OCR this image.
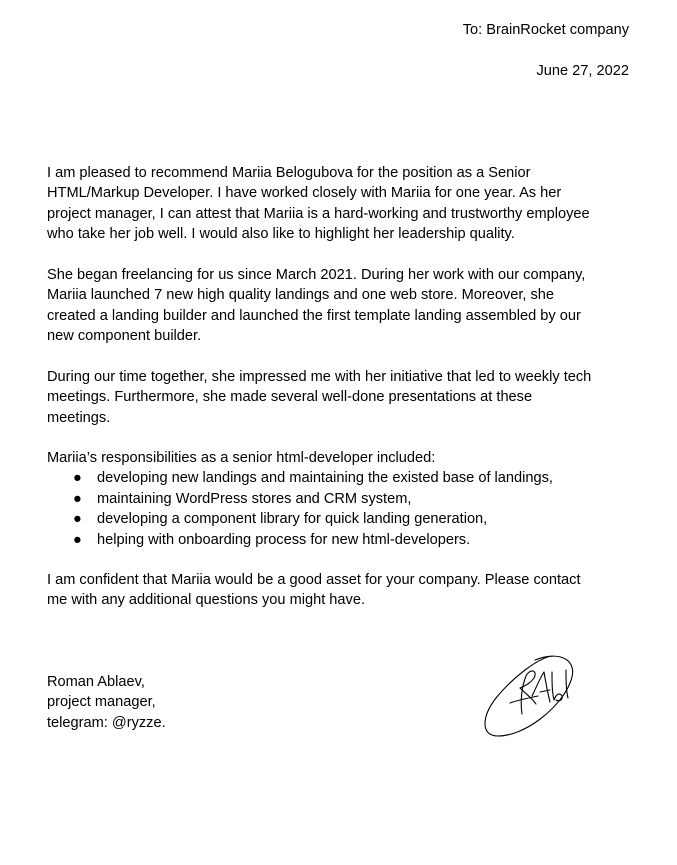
To: BrainRocket company
June 27, 2022

I am pleased to recommend Mariia Belogubova for the position as a Senior
HTML/Markup Developer. I have worked closely with Mariia for one year. As her
project manager, I can attest that Mariia is a hard-working and trustworthy employee
who take her job well. I would also like to highlight her leadership quality.

She began freelancing for us since March 2021. During her work with our company,
Mariia launched 7 new high quality landings and one web store. Moreover, she
created a landing builder and launched the first template landing assembled by our
new component builder.

During our time together, she impressed me with her initiative that led to weekly tech
meetings. Furthermore, she made several well-done presentations at these
meetings.

Mariia’s responsibilities as a senior html-developer included:
● developing new landings and maintaining the existed base of landings,
● maintaining WordPress stores and CRM system,
● developing a component library for quick landing generation,
● helping with onboarding process for new html-developers.

I am confident that Mariia would be a good asset for your company. Please contact
me with any additional questions you might have.

Roman Ablaev,
project manager,
telegram: @ryzze.
